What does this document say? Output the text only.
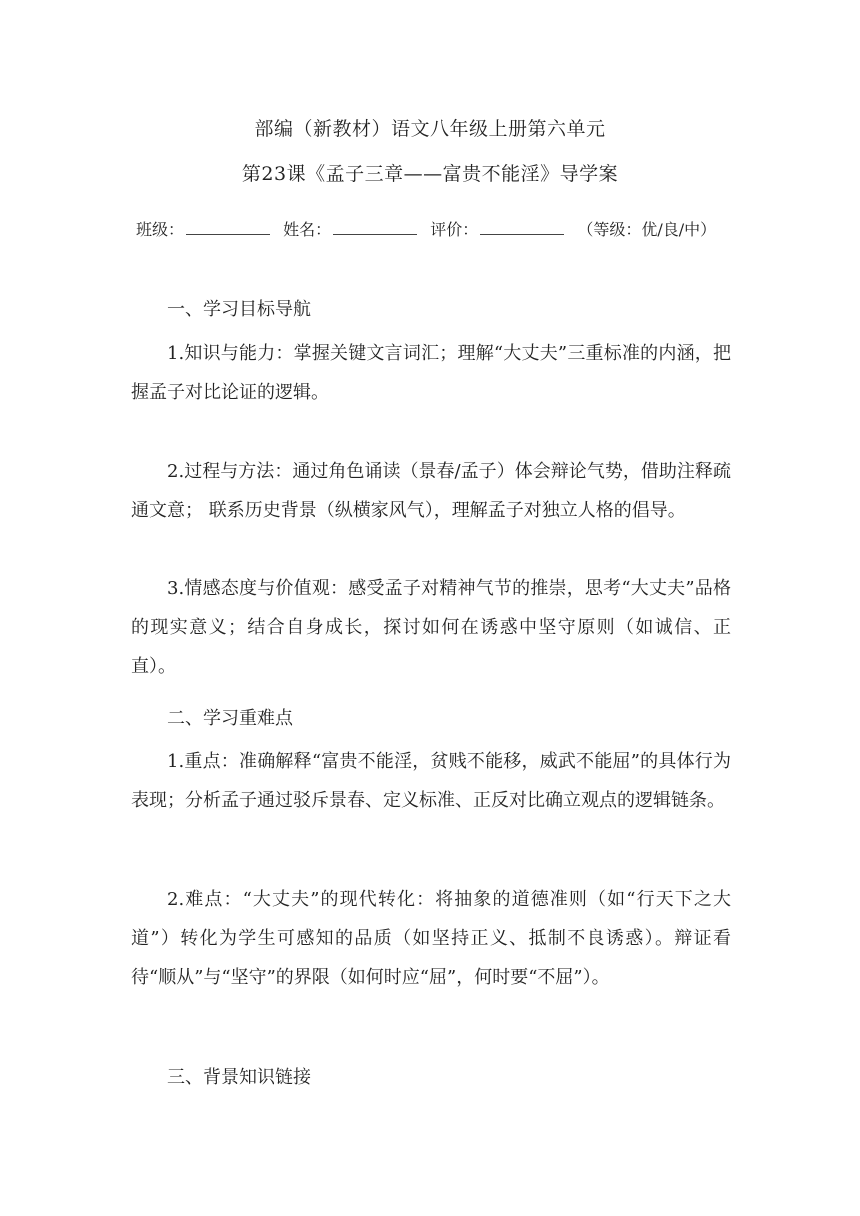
部编（新教材）语文八年级上册第六单元
第23课《孟子三章——富贵不能淫》导学案
班级：	姓名：	评价：	（等级：优/良/中）
一、学习目标导航
1.知识与能力：掌握关键文言词汇；理解“大丈夫”三重标准的内涵，把握孟子对比论证的逻辑。
2.过程与方法：通过角色诵读（景春/孟子）体会辩论气势，借助注释疏通文意； 联系历史背景（纵横家风气），理解孟子对独立人格的倡导。
3.情感态度与价值观：感受孟子对精神气节的推崇，思考“大丈夫”品格的现实意义；结合自身成长，探讨如何在诱惑中坚守原则（如诚信、正直）。
二、学习重难点
1.重点：准确解释“富贵不能淫，贫贱不能移，威武不能屈”的具体行为表现；分析孟子通过驳斥景春、定义标准、正反对比确立观点的逻辑链条。
2.难点：“大丈夫”的现代转化：将抽象的道德准则（如“行天下之大道”）转化为学生可感知的品质（如坚持正义、抵制不良诱惑）。辩证看待“顺从”与“坚守”的界限（如何时应“屈”，何时要“不屈”）。
三、背景知识链接
